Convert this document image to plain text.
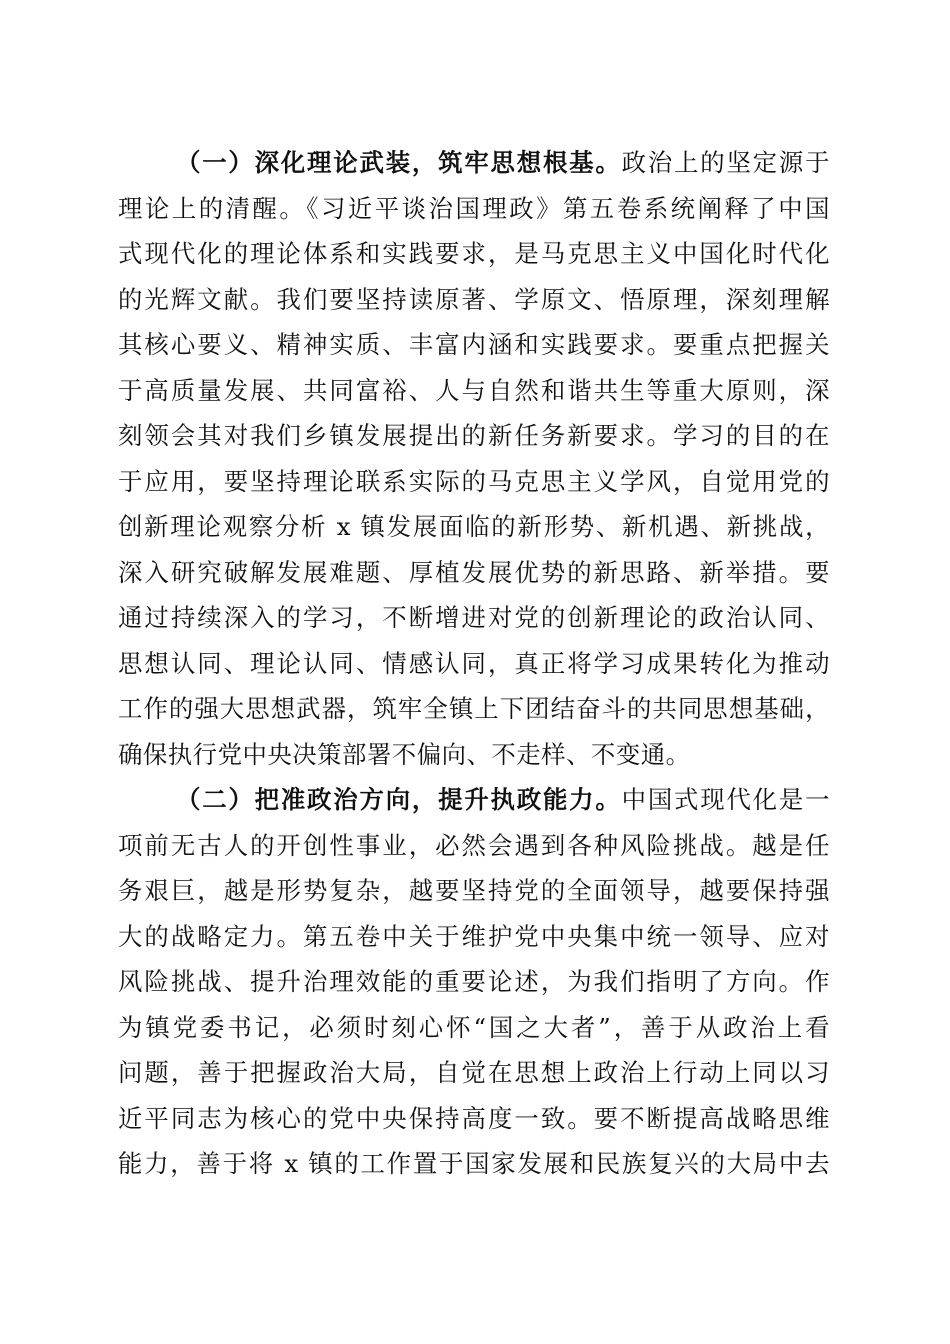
（一）深化理论武装，筑牢思想根基。政治上的坚定源于
理论上的清醒。《习近平谈治国理政》第五卷系统阐释了中国
式现代化的理论体系和实践要求，是马克思主义中国化时代化
的光辉文献。我们要坚持读原著、学原文、悟原理，深刻理解
其核心要义、精神实质、丰富内涵和实践要求。要重点把握关
于高质量发展、共同富裕、人与自然和谐共生等重大原则，深
刻领会其对我们乡镇发展提出的新任务新要求。学习的目的在
于应用，要坚持理论联系实际的马克思主义学风，自觉用党的
创新理论观察分析 x 镇发展面临的新形势、新机遇、新挑战，
深入研究破解发展难题、厚植发展优势的新思路、新举措。要
通过持续深入的学习，不断增进对党的创新理论的政治认同、
思想认同、理论认同、情感认同，真正将学习成果转化为推动
工作的强大思想武器，筑牢全镇上下团结奋斗的共同思想基础，
确保执行党中央决策部署不偏向、不走样、不变通。
（二）把准政治方向，提升执政能力。中国式现代化是一
项前无古人的开创性事业，必然会遇到各种风险挑战。越是任
务艰巨，越是形势复杂，越要坚持党的全面领导，越要保持强
大的战略定力。第五卷中关于维护党中央集中统一领导、应对
风险挑战、提升治理效能的重要论述，为我们指明了方向。作
为镇党委书记，必须时刻心怀“国之大者”，善于从政治上看
问题，善于把握政治大局，自觉在思想上政治上行动上同以习
近平同志为核心的党中央保持高度一致。要不断提高战略思维
能力，善于将 x 镇的工作置于国家发展和民族复兴的大局中去
